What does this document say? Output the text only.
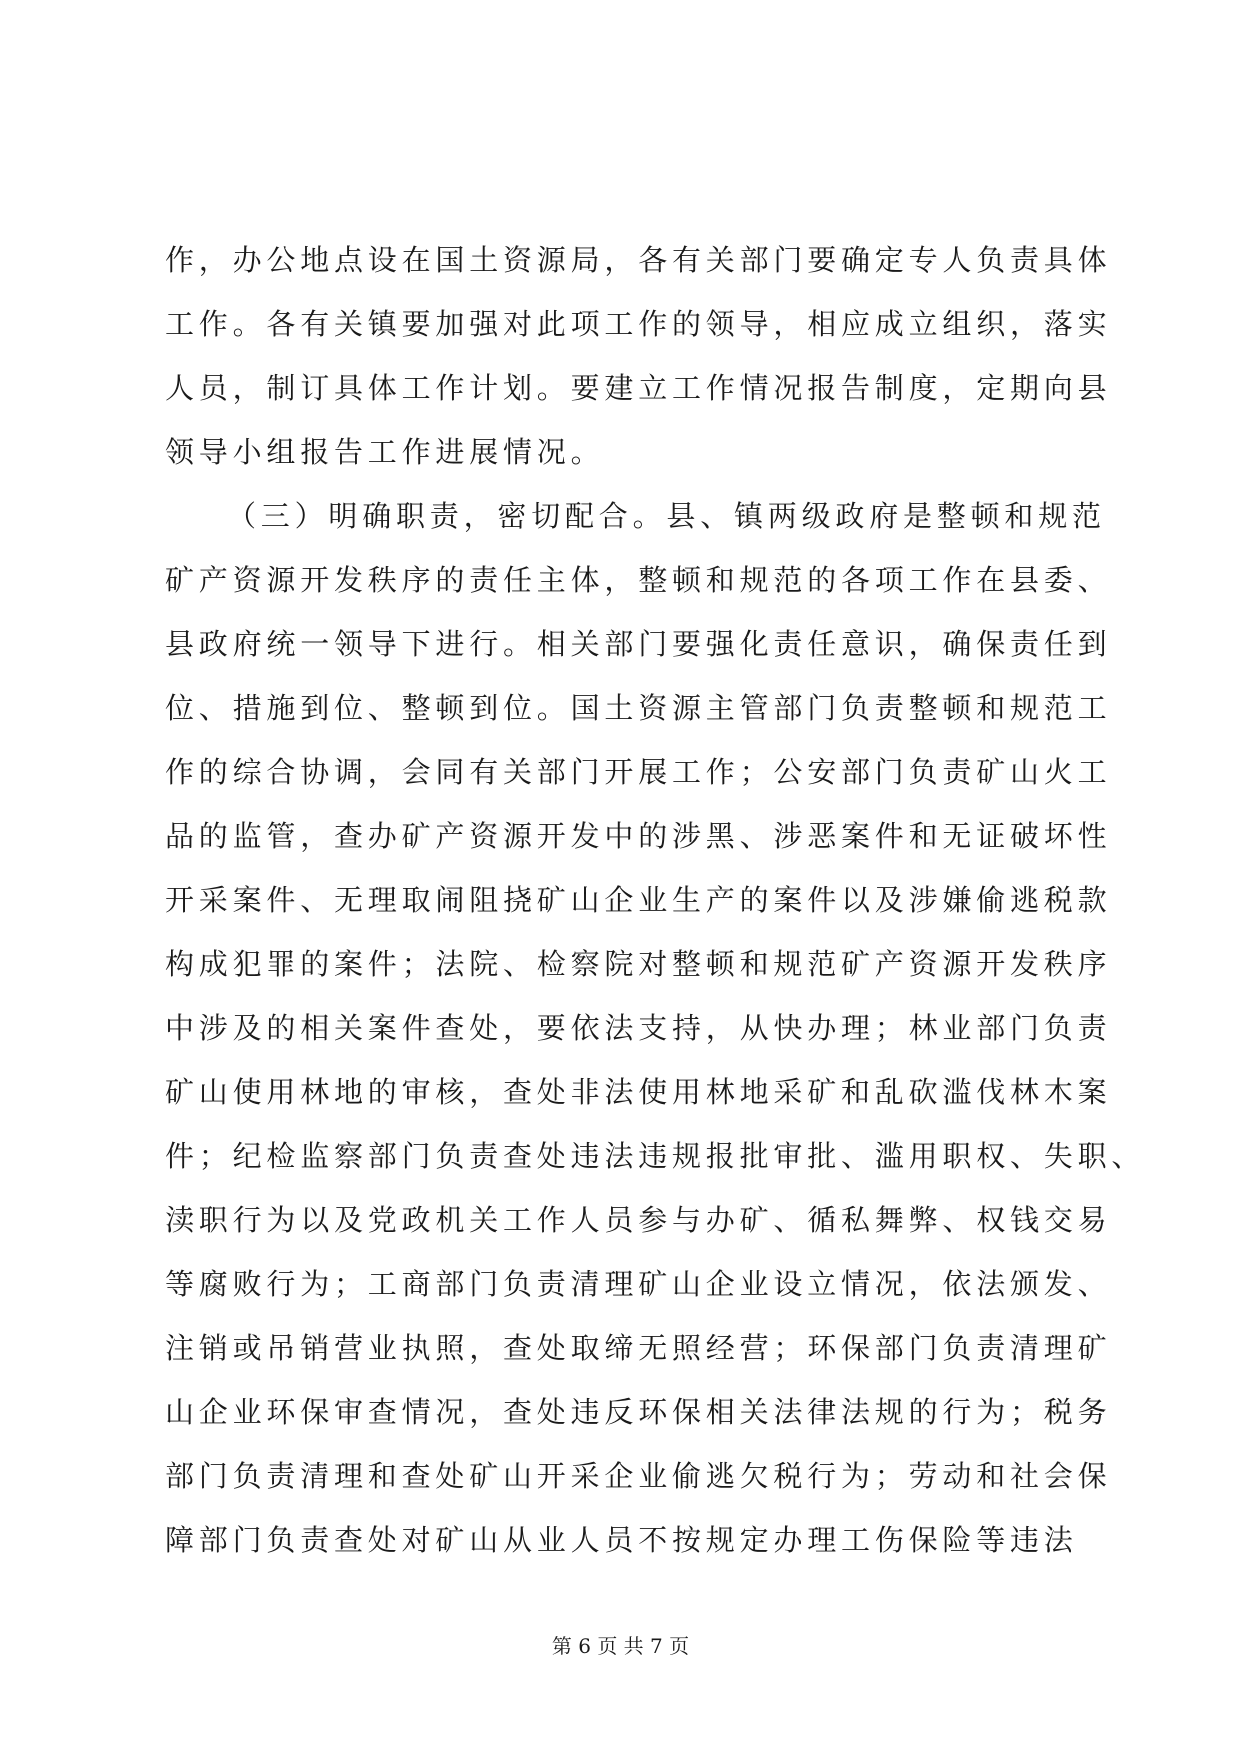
作，办公地点设在国土资源局，各有关部门要确定专人负责具体
工作。各有关镇要加强对此项工作的领导，相应成立组织，落实
人员，制订具体工作计划。要建立工作情况报告制度，定期向县
领导小组报告工作进展情况。
（三）明确职责，密切配合。县、镇两级政府是整顿和规范
矿产资源开发秩序的责任主体，整顿和规范的各项工作在县委、
县政府统一领导下进行。相关部门要强化责任意识，确保责任到
位、措施到位、整顿到位。国土资源主管部门负责整顿和规范工
作的综合协调，会同有关部门开展工作；公安部门负责矿山火工
品的监管，查办矿产资源开发中的涉黑、涉恶案件和无证破坏性
开采案件、无理取闹阻挠矿山企业生产的案件以及涉嫌偷逃税款
构成犯罪的案件；法院、检察院对整顿和规范矿产资源开发秩序
中涉及的相关案件查处，要依法支持，从快办理；林业部门负责
矿山使用林地的审核，查处非法使用林地采矿和乱砍滥伐林木案
件；纪检监察部门负责查处违法违规报批审批、滥用职权、失职、
渎职行为以及党政机关工作人员参与办矿、循私舞弊、权钱交易
等腐败行为；工商部门负责清理矿山企业设立情况，依法颁发、
注销或吊销营业执照，查处取缔无照经营；环保部门负责清理矿
山企业环保审查情况，查处违反环保相关法律法规的行为；税务
部门负责清理和查处矿山开采企业偷逃欠税行为；劳动和社会保
障部门负责查处对矿山从业人员不按规定办理工伤保险等违法
第 6 页 共 7 页
